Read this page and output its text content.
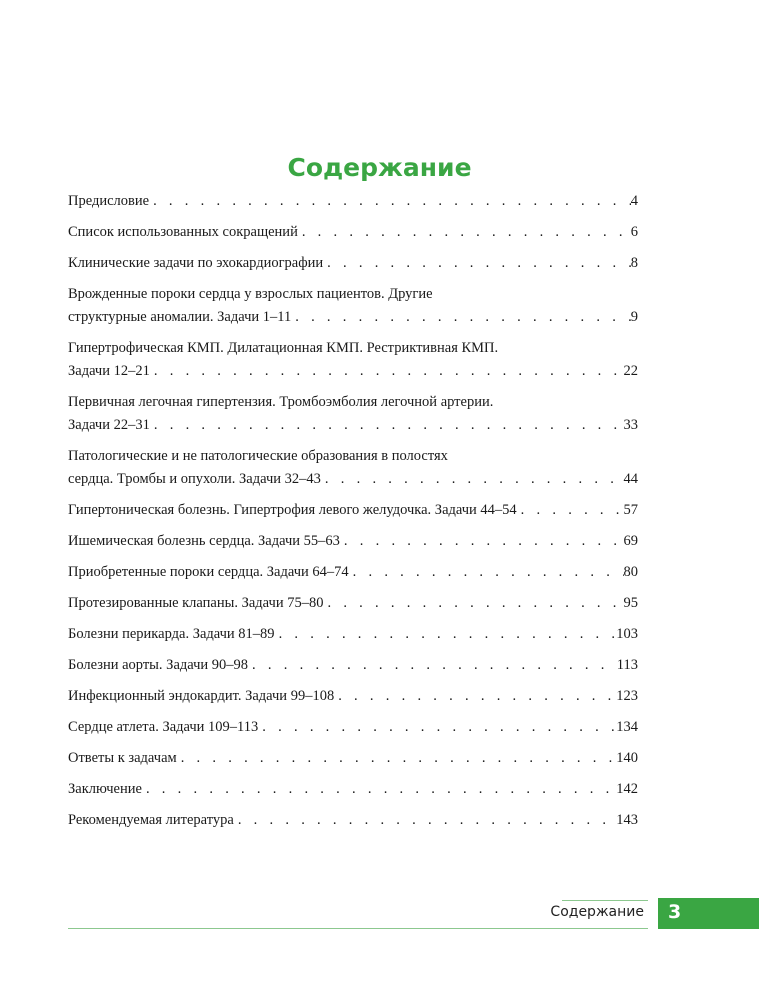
Содержание
Предисловие . . .	4
Список использованных сокращений . . .	6
Клинические задачи по эхокардиографии . . .	8
Врожденные пороки сердца у взрослых пациентов. Другие
структурные аномалии. Задачи 1–11 . . .	9
Гипертрофическая КМП. Дилатационная КМП. Рестриктивная КМП.
Задачи 12–21 . . .	22
Первичная легочная гипертензия. Тромбоэмболия легочной артерии.
Задачи 22–31 . . .	33
Патологические и не патологические образования в полостях
сердца. Тромбы и опухоли. Задачи 32–43 . . .	44
Гипертоническая болезнь. Гипертрофия левого желудочка. Задачи 44–54 . . .	57
Ишемическая болезнь сердца. Задачи 55–63 . . .	69
Приобретенные пороки сердца. Задачи 64–74 . . .	80
Протезированные клапаны. Задачи 75–80 . . .	95
Болезни перикарда. Задачи 81–89 . . .	103
Болезни аорты. Задачи 90–98 . . .	113
Инфекционный эндокардит. Задачи 99–108 . . .	123
Сердце атлета. Задачи 109–113 . . .	134
Ответы к задачам . . .	140
Заключение . . .	142
Рекомендуемая литература . . .	143
Содержание 3
